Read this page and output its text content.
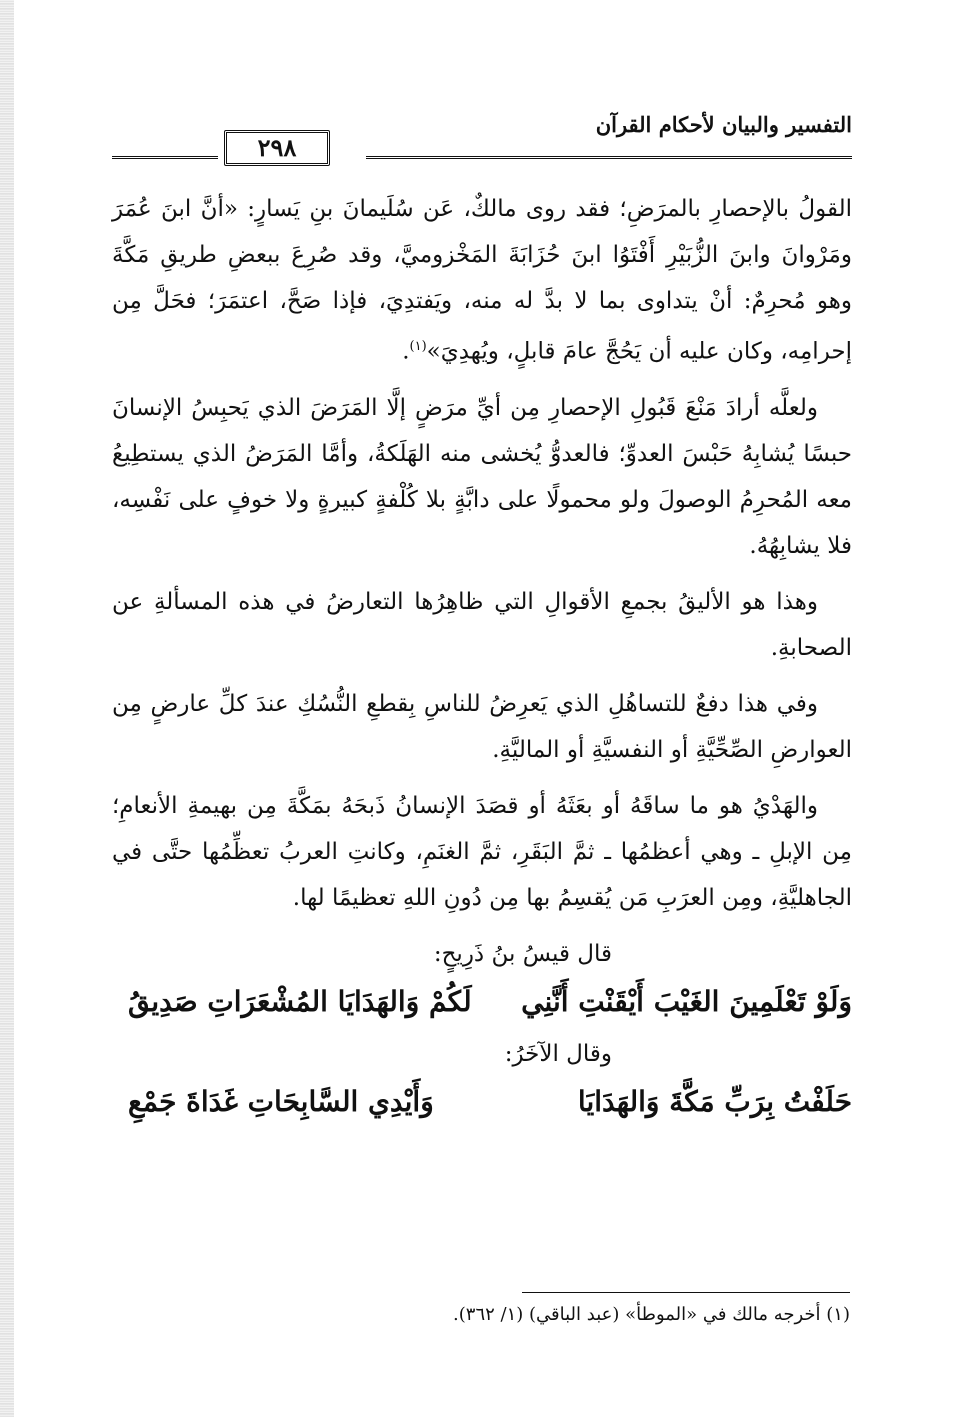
التفسير والبيان لأحكام القرآن
٢٩٨

القولُ بالإحصارِ بالمرَضِ؛ فقد روى مالكٌ، عَن سُلَيمانَ بنِ يَسارٍ: «أنَّ ابنَ عُمَرَ ومَرْوانَ وابنَ الزُّبَيْرِ أَفْتَوُا ابنَ حُزَابَةَ المَخْزوميَّ، وقد صُرِعَ ببعضِ طريقِ مَكَّةَ وهو مُحرِمٌ: أنْ يتداوى بما لا بدَّ له منه، ويَفتدِيَ، فإذا صَحَّ، اعتمَرَ؛ فحَلَّ مِن إحرامِه، وكان عليه أن يَحُجَّ عامَ قابلٍ، ويُهدِيَ»$^{(١)}$.

ولعلَّه أرادَ مَنْعَ قَبُولِ الإحصارِ مِن أيِّ مرَضٍ إلَّا المَرَضَ الذي يَحبِسُ الإنسانَ حبسًا يُشابِهُ حَبْسَ العدوِّ؛ فالعدوُّ يُخشى منه الهَلَكةُ، وأمَّا المَرَضُ الذي يستطِيعُ معه المُحرِمُ الوصولَ ولو محمولًا على دابَّةٍ بلا كُلْفةٍ كبيرةٍ ولا خوفٍ على نَفْسِه، فلا يشابِهُهُ.

وهذا هو الأليقُ بجمعِ الأقوالِ التي ظاهِرُها التعارضُ في هذه المسألةِ عن الصحابةِ.

وفي هذا دفعٌ للتساهُلِ الذي يَعرِضُ للناسِ بِقطعِ النُّسُكِ عندَ كلِّ عارضٍ مِن العوارضِ الصِّحِّيَّةِ أو النفسيَّةِ أو الماليَّةِ.

والهَدْيُ هو ما ساقَهُ أو بعَثَهُ أو قصَدَ الإنسانُ ذَبحَهُ بمَكَّةَ مِن بهيمةِ الأنعامِ؛ مِن الإبلِ ـ وهي أعظمُها ـ ثمَّ البَقَرِ، ثمَّ الغنَمِ، وكانتِ العربُ تعظِّمُها حتَّى في الجاهليَّةِ، ومِن العرَبِ مَن يُقسِمُ بها مِن دُونِ اللهِ تعظيمًا لها.

قال قيسُ بنُ ذَرِيحٍ:
وَلَوْ تَعْلَمِينَ الغَيْبَ أَيْقَنْتِ أَنَّنِي
لَكُمْ وَالهَدَايَا المُشْعَرَاتِ صَدِيقُ
وقال الآخَرُ:
حَلَفْتُ بِرَبِّ مَكَّةَ وَالهَدَايَا
وَأَيْدِي السَّابِحَاتِ غَدَاةَ جَمْعِ
(١) أخرجه مالك في «الموطأ» (عبد الباقي) (١/ ٣٦٢).
